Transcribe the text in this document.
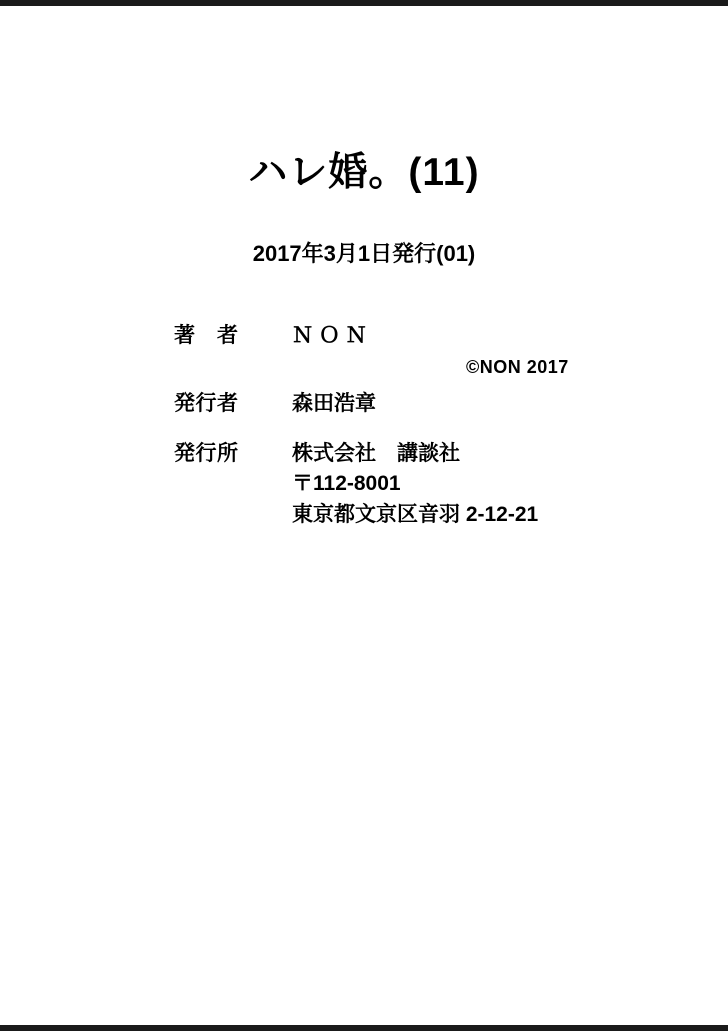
ハレ婚。(11)
2017年3月1日発行(01)
著　者	Ｎ Ｏ Ｎ
©NON 2017
発行者	森田浩章
発行所	株式会社　講談社
〒112-8001
東京都文京区音羽 2-12-21
